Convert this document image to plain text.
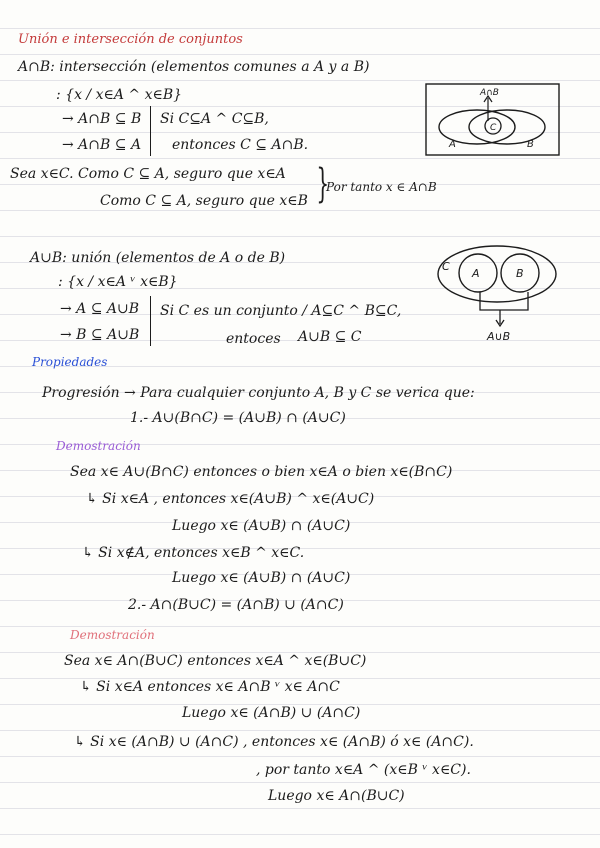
Unión e intersección de conjuntos
A∩B: intersección (elementos comunes a A y a B)
: {x / x∈A ^ x∈B}
→ A∩B ⊆ B
→ A∩B ⊆ A
Si C⊆A ^ C⊆B,
entonces C ⊆ A∩B.
Sea x∈C. Como C ⊆ A, seguro que x∈A
Como C ⊆ A, seguro que x∈B }
Por tanto x ∈ A∩B
A∩B
C
A	B
A∪B: unión (elementos de A o de B)
: {x / x∈A ᵛ x∈B}
→ A ⊆ A∪B
→ B ⊆ A∪B
Si C es un conjunto / A⊆C ^ B⊆C,
entoces A∪B ⊆ C
C
A	B
A∪B
Propiedades
Progresión → Para cualquier conjunto A, B y C se verica que:
1.- A∪(B∩C) = (A∪B) ∩ (A∪C)
Demostración
Sea x∈ A∪(B∩C) entonces o bien x∈A o bien x∈(B∩C)
↳ Si x∈A , entonces x∈(A∪B) ^ x∈(A∪C)
Luego x∈ (A∪B) ∩ (A∪C)
↳ Si x∉A, entonces x∈B ^ x∈C.
Luego x∈ (A∪B) ∩ (A∪C)
2.- A∩(B∪C) = (A∩B) ∪ (A∩C)
Demostración
Sea x∈ A∩(B∪C) entonces x∈A ^ x∈(B∪C)
↳ Si x∈A entonces x∈ A∩B ᵛ x∈ A∩C
Luego x∈ (A∩B) ∪ (A∩C)
↳ Si x∈ (A∩B) ∪ (A∩C) , entonces x∈ (A∩B) ó x∈ (A∩C).
, por tanto x∈A ^ (x∈B ᵛ x∈C).
Luego x∈ A∩(B∪C)
